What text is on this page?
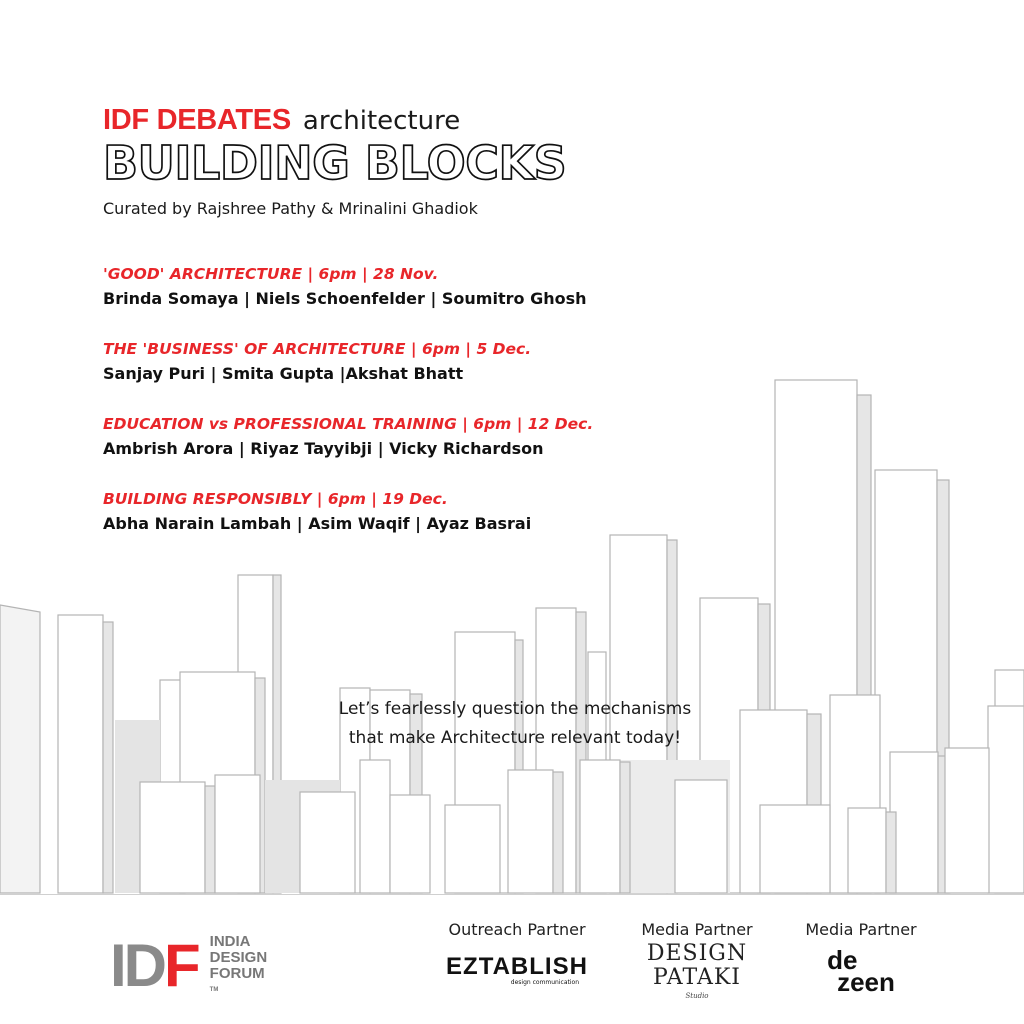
IDF DEBATES architecture
BUILDING BLOCKS
Curated by Rajshree Pathy & Mrinalini Ghadiok
'GOOD' ARCHITECTURE | 6pm | 28 Nov.
Brinda Somaya | Niels Schoenfelder | Soumitro Ghosh
THE 'BUSINESS' OF ARCHITECTURE | 6pm | 5 Dec.
Sanjay Puri | Smita Gupta |Akshat Bhatt
EDUCATION vs PROFESSIONAL TRAINING | 6pm | 12 Dec.
Ambrish Arora | Riyaz Tayyibji | Vicky Richardson
BUILDING RESPONSIBLY | 6pm | 19 Dec.
Abha Narain Lambah | Asim Waqif | Ayaz Basrai
Let’s fearlessly question the mechanisms
that make Architecture relevant today!
IDF INDIA
DESIGN
FORUM
TM
Outreach Partner
EZTABLISH
design communication
Media Partner
DESIGN PATAKI
Studio
Media Partner
de
zeen
